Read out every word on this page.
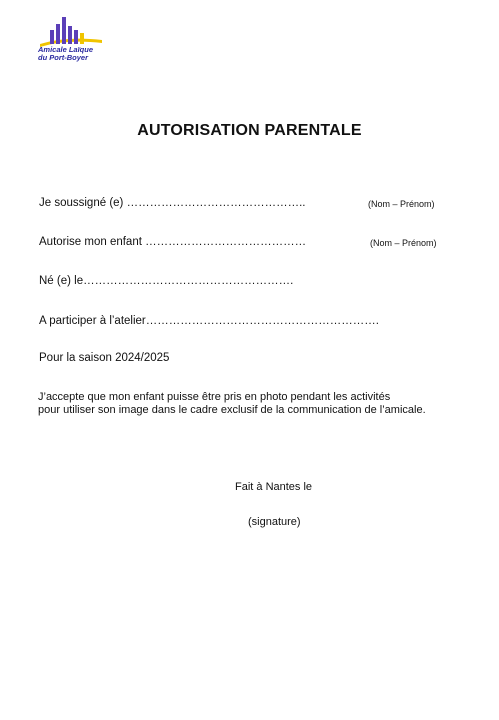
Amicale Laïque
du Port-Boyer
AUTORISATION PARENTALE
Je soussigné (e) ………………………………………..	(Nom – Prénom)
Autorise mon enfant ……………………………………	(Nom – Prénom)
Né (e) le……………………………………………….
A participer à l’atelier…………………………………………………….
Pour la saison 2024/2025
J’accepte que mon enfant puisse être pris en photo pendant les activités
pour utiliser son image dans le cadre exclusif de la communication de l’amicale.
Fait à Nantes le
(signature)
